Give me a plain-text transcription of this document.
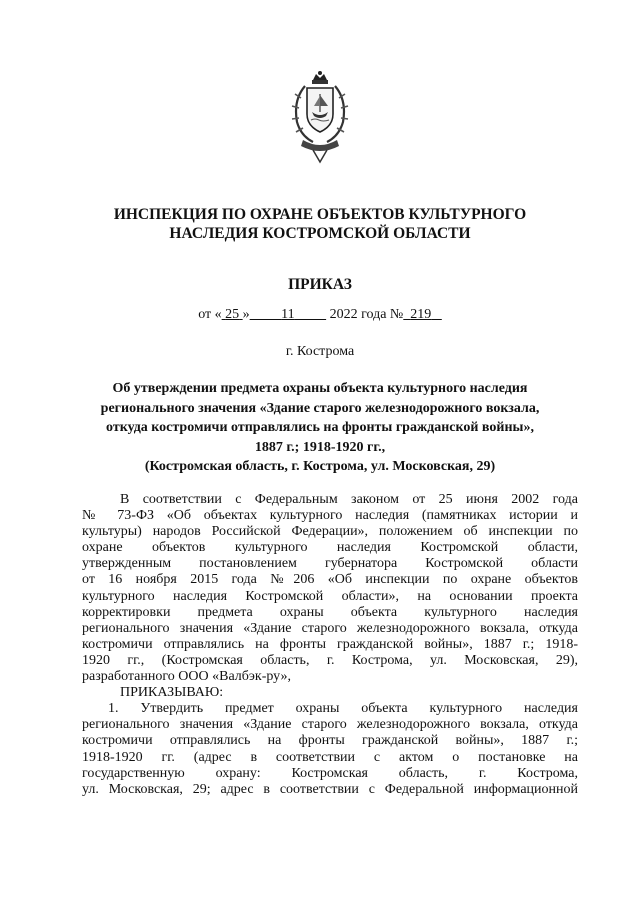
ИНСПЕКЦИЯ ПО ОХРАНЕ ОБЪЕКТОВ КУЛЬТУРНОГО
НАСЛЕДИЯ КОСТРОМСКОЙ ОБЛАСТИ
ПРИКАЗ
от « 25 » 11	2022 года № 219
г. Кострома
Об утверждении предмета охраны объекта культурного наследия
регионального значения «Здание старого железнодорожного вокзала,
откуда костромичи отправлялись на фронты гражданской войны»,
1887 г.; 1918-1920 гг.,
(Костромская область, г. Кострома, ул. Московская, 29)
В соответствии с Федеральным законом от 25 июня 2002 года
№ 73-ФЗ «Об объектах культурного наследия (памятниках истории и
культуры) народов Российской Федерации», положением об инспекции по
охране объектов культурного наследия Костромской области,
утвержденным постановлением губернатора Костромской области
от 16 ноября 2015 года №206 «Об инспекции по охране объектов
культурного наследия Костромской области», на основании проекта
корректировки предмета охраны объекта культурного наследия
регионального значения «Здание старого железнодорожного вокзала, откуда
костромичи отправлялись на фронты гражданской войны», 1887 г.; 1918-
1920 гг., (Костромская область, г. Кострома, ул. Московская, 29),
разработанного ООО «Валбэк-ру»,
ПРИКАЗЫВАЮ:
1. Утвердить предмет охраны объекта культурного наследия
регионального значения «Здание старого железнодорожного вокзала, откуда
костромичи отправлялись на фронты гражданской войны», 1887 г.;
1918-1920 гг. (адрес в соответствии с актом о постановке на
государственную охрану: Костромская область, г. Кострома,
ул. Московская, 29; адрес в соответствии с Федеральной информационной
